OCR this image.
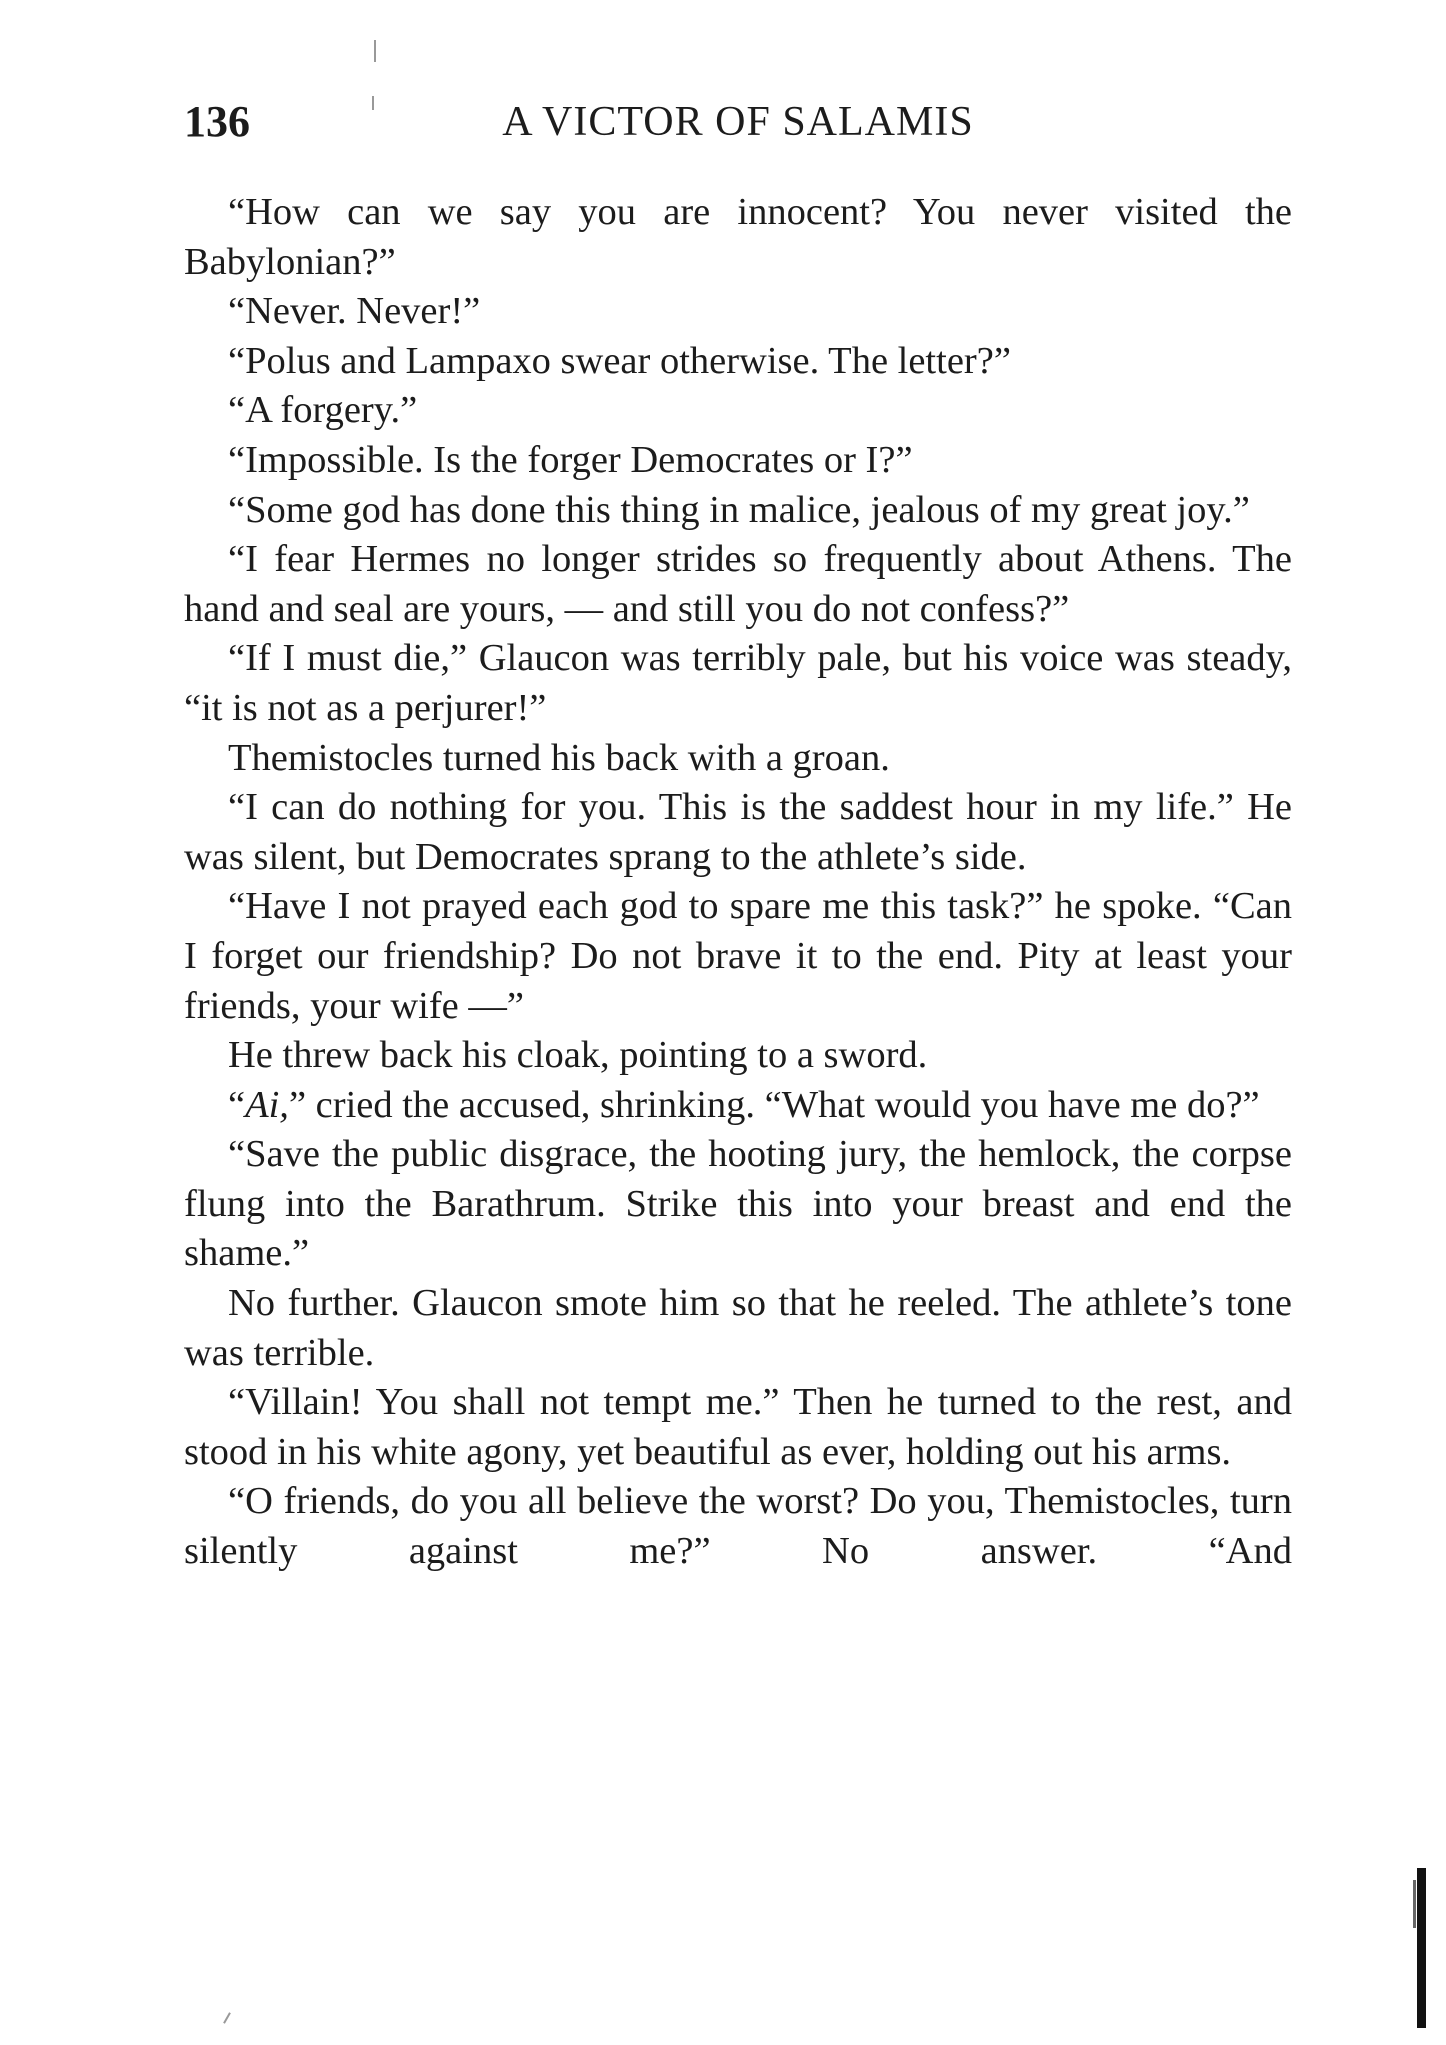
136	A VICTOR OF SALAMIS

“How can we say you are innocent? You never visited the Babylonian?”

“Never. Never!”

“Polus and Lampaxo swear otherwise. The letter?”

“A forgery.”

“Impossible. Is the forger Democrates or I?”

“Some god has done this thing in malice, jealous of my great joy.”

“I fear Hermes no longer strides so frequently about Athens. The hand and seal are yours, — and still you do not confess?”

“If I must die,” Glaucon was terribly pale, but his voice was steady, “it is not as a perjurer!”

Themistocles turned his back with a groan.

“I can do nothing for you. This is the saddest hour in my life.” He was silent, but Democrates sprang to the athlete’s side.

“Have I not prayed each god to spare me this task?” he spoke. “Can I forget our friendship? Do not brave it to the end. Pity at least your friends, your wife —”

He threw back his cloak, pointing to a sword.

“Ai,” cried the accused, shrinking. “What would you have me do?”

“Save the public disgrace, the hooting jury, the hemlock, the corpse flung into the Barathrum. Strike this into your breast and end the shame.”

No further. Glaucon smote him so that he reeled. The athlete’s tone was terrible.

“Villain! You shall not tempt me.” Then he turned to the rest, and stood in his white agony, yet beautiful as ever, holding out his arms.

“O friends, do you all believe the worst? Do you, Themistocles, turn silently against me?” No answer. “And
